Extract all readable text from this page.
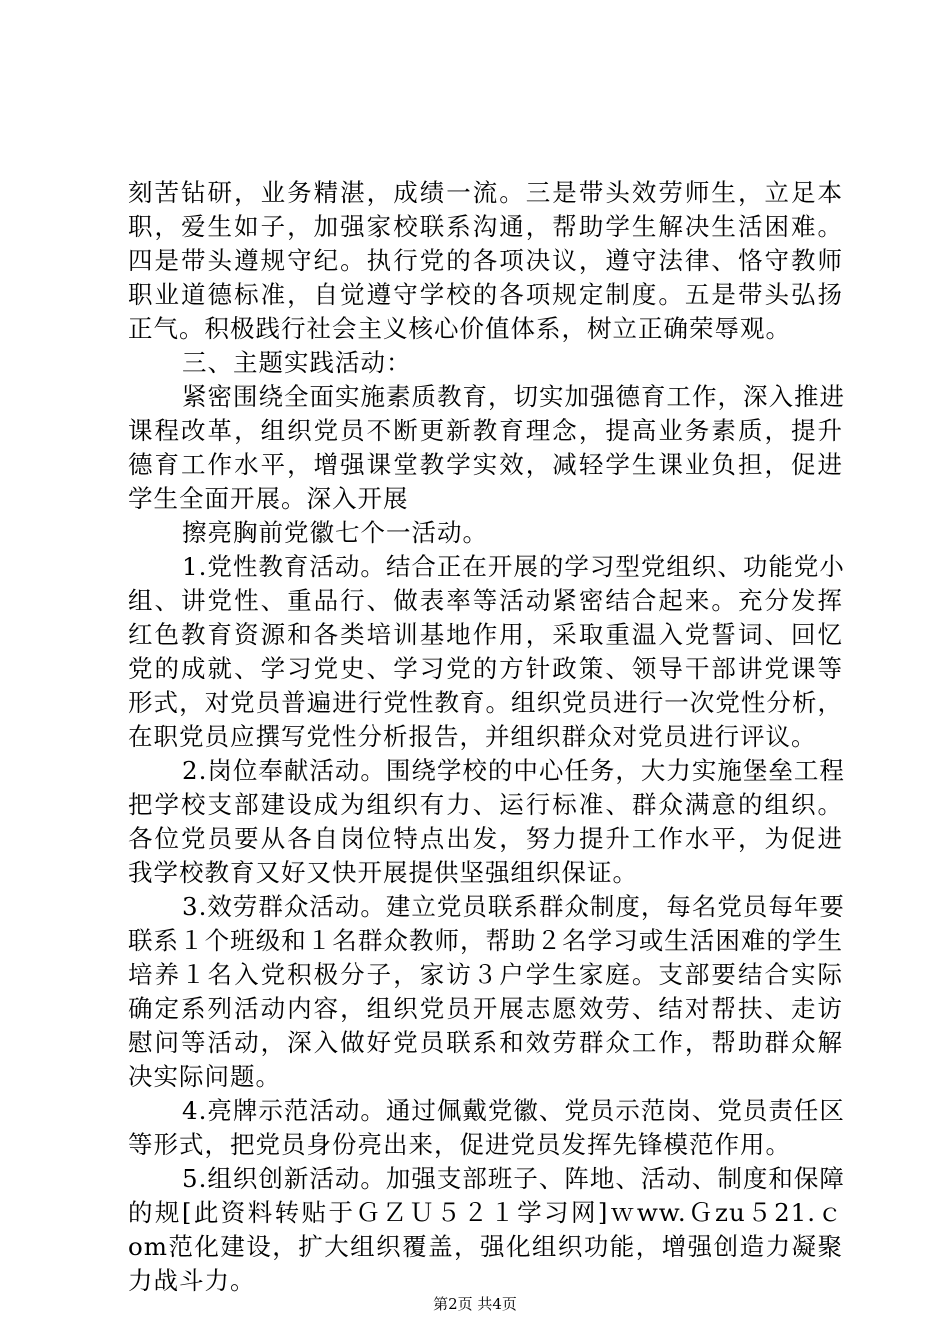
刻苦钻研，业务精湛，成绩一流。三是带头效劳师生，立足本
职，爱生如子，加强家校联系沟通，帮助学生解决生活困难。
四是带头遵规守纪。执行党的各项决议，遵守法律、恪守教师
职业道德标准，自觉遵守学校的各项规定制度。五是带头弘扬
正气。积极践行社会主义核心价值体系，树立正确荣辱观。
三、主题实践活动：
紧密围绕全面实施素质教育，切实加强德育工作，深入推进
课程改革，组织党员不断更新教育理念，提高业务素质，提升
德育工作水平，增强课堂教学实效，减轻学生课业负担，促进
学生全面开展。深入开展
擦亮胸前党徽七个一活动。
1.党性教育活动。结合正在开展的学习型党组织、功能党小
组、讲党性、重品行、做表率等活动紧密结合起来。充分发挥
红色教育资源和各类培训基地作用，采取重温入党誓词、回忆
党的成就、学习党史、学习党的方针政策、领导干部讲党课等
形式，对党员普遍进行党性教育。组织党员进行一次党性分析，
在职党员应撰写党性分析报告，并组织群众对党员进行评议。
2.岗位奉献活动。围绕学校的中心任务，大力实施堡垒工程
把学校支部建设成为组织有力、运行标准、群众满意的组织。
各位党员要从各自岗位特点出发，努力提升工作水平，为促进
我学校教育又好又快开展提供坚强组织保证。
3.效劳群众活动。建立党员联系群众制度，每名党员每年要
联系１个班级和１名群众教师，帮助２名学习或生活困难的学生
培养１名入党积极分子，家访３户学生家庭。支部要结合实际
确定系列活动内容，组织党员开展志愿效劳、结对帮扶、走访
慰问等活动，深入做好党员联系和效劳群众工作，帮助群众解
决实际问题。
4.亮牌示范活动。通过佩戴党徽、党员示范岗、党员责任区
等形式，把党员身份亮出来，促进党员发挥先锋模范作用。
5.组织创新活动。加强支部班子、阵地、活动、制度和保障
的规[此资料转贴于ＧＺＵ５２１学习网]ｗww.Ｇzu５21.ｃ
om范化建设，扩大组织覆盖，强化组织功能，增强创造力凝聚
力战斗力。
第2页 共4页
